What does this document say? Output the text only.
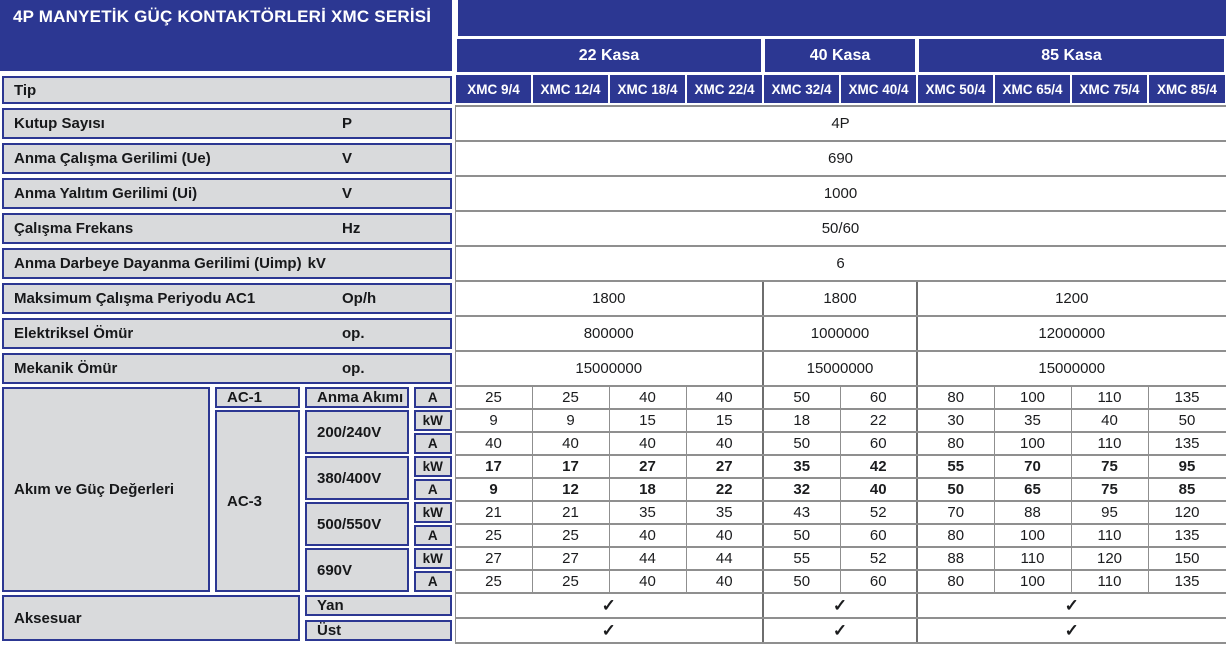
4P MANYETİK GÜÇ KONTAKTÖRLERİ XMC SERİSİ													

22 Kasa				40 Kasa		85 Kasa			

Tip				XMC 9/4	XMC 12/4	XMC 18/4	XMC 22/4	XMC 32/4	XMC 40/4	XMC 50/4	XMC 65/4	XMC 75/4	XMC 85/4

Kutup Sayısı P				4P									

Anma Çalışma Gerilimi (Ue) V				690									

Anma Yalıtım Gerilimi (Ui) V				1000									

Çalışma Frekans Hz				50/60									

Anma Darbeye Dayanma Gerilimi (Uimp) kV				6									

Maksimum Çalışma Periyodu AC1 Op/h				1800				1800		1200			

Elektriksel Ömür op.				800000				1000000		12000000			

Mekanik Ömür op.				15000000				15000000		15000000			

Akım ve Güç Değerleri	AC-1	Anma Akımı	A	25	25	40	40	50	60	80	100	110	135

AC-3	200/240V	kW	9	9	15	15	18	22	30	35	40	50

A	40	40	40	40	50	60	80	100	110	135

380/400V	kW	17	17	27	27	35	42	55	70	75	95

A	9	12	18	22	32	40	50	65	75	85

500/550V	kW	21	21	35	35	43	52	70	88	95	120

A	25	25	40	40	50	60	80	100	110	135

690V	kW	27	27	44	44	55	52	88	110	120	150

A	25	25	40	40	50	60	80	100	110	135

Aksesuar		Yan		✓				✓		✓			

Üst		✓				✓		✓			
